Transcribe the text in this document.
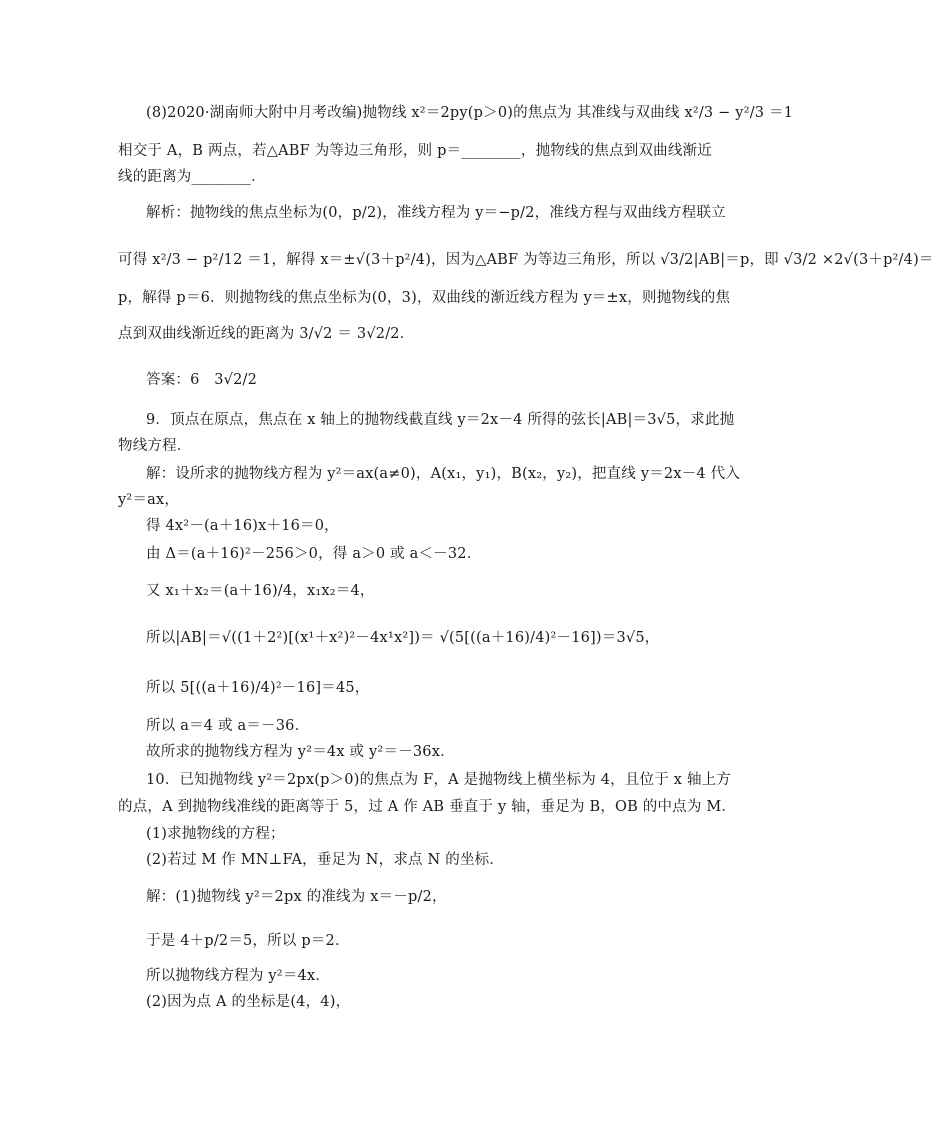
(8)2020·湖南师大附中月考改编)抛物线 x²＝2py(p＞0)的焦点为 其准线与双曲线 x²/3 − y²/3 ＝1
相交于 A，B 两点，若△ABF 为等边三角形，则 p＝________，抛物线的焦点到双曲线渐近
线的距离为________．
解析：抛物线的焦点坐标为(0，p/2)，准线方程为 y＝−p/2，准线方程与双曲线方程联立
可得 x²/3 − p²/12 ＝1，解得 x＝±√(3＋p²/4)，因为△ABF 为等边三角形，所以 √3/2|AB|＝p，即 √3/2 ×2√(3＋p²/4)＝
p，解得 p＝6．则抛物线的焦点坐标为(0，3)，双曲线的渐近线方程为 y＝±x，则抛物线的焦
点到双曲线渐近线的距离为 3/√2 ＝ 3√2/2．
答案：6　3√2/2
9．顶点在原点，焦点在 x 轴上的抛物线截直线 y＝2x－4 所得的弦长|AB|＝3√5，求此抛
物线方程．
解：设所求的抛物线方程为 y²＝ax(a≠0)，A(x₁，y₁)，B(x₂，y₂)，把直线 y＝2x－4 代入
y²＝ax，
得 4x²－(a＋16)x＋16＝0，
由 Δ＝(a＋16)²－256＞0，得 a＞0 或 a＜－32．
又 x₁＋x₂＝(a＋16)/4，x₁x₂＝4，
所以|AB|＝√((1＋2²)[(x¹＋x²)²－4x¹x²])＝ √(5[((a＋16)/4)²－16])＝3√5，
所以 5[((a＋16)/4)²－16]＝45，
所以 a＝4 或 a＝－36．
故所求的抛物线方程为 y²＝4x 或 y²＝－36x．
10．已知抛物线 y²＝2px(p＞0)的焦点为 F，A 是抛物线上横坐标为 4，且位于 x 轴上方
的点，A 到抛物线准线的距离等于 5，过 A 作 AB 垂直于 y 轴，垂足为 B，OB 的中点为 M．
(1)求抛物线的方程；
(2)若过 M 作 MN⊥FA，垂足为 N，求点 N 的坐标．
解：(1)抛物线 y²＝2px 的准线为 x＝－p/2，
于是 4＋p/2＝5，所以 p＝2．
所以抛物线方程为 y²＝4x．
(2)因为点 A 的坐标是(4，4)，
